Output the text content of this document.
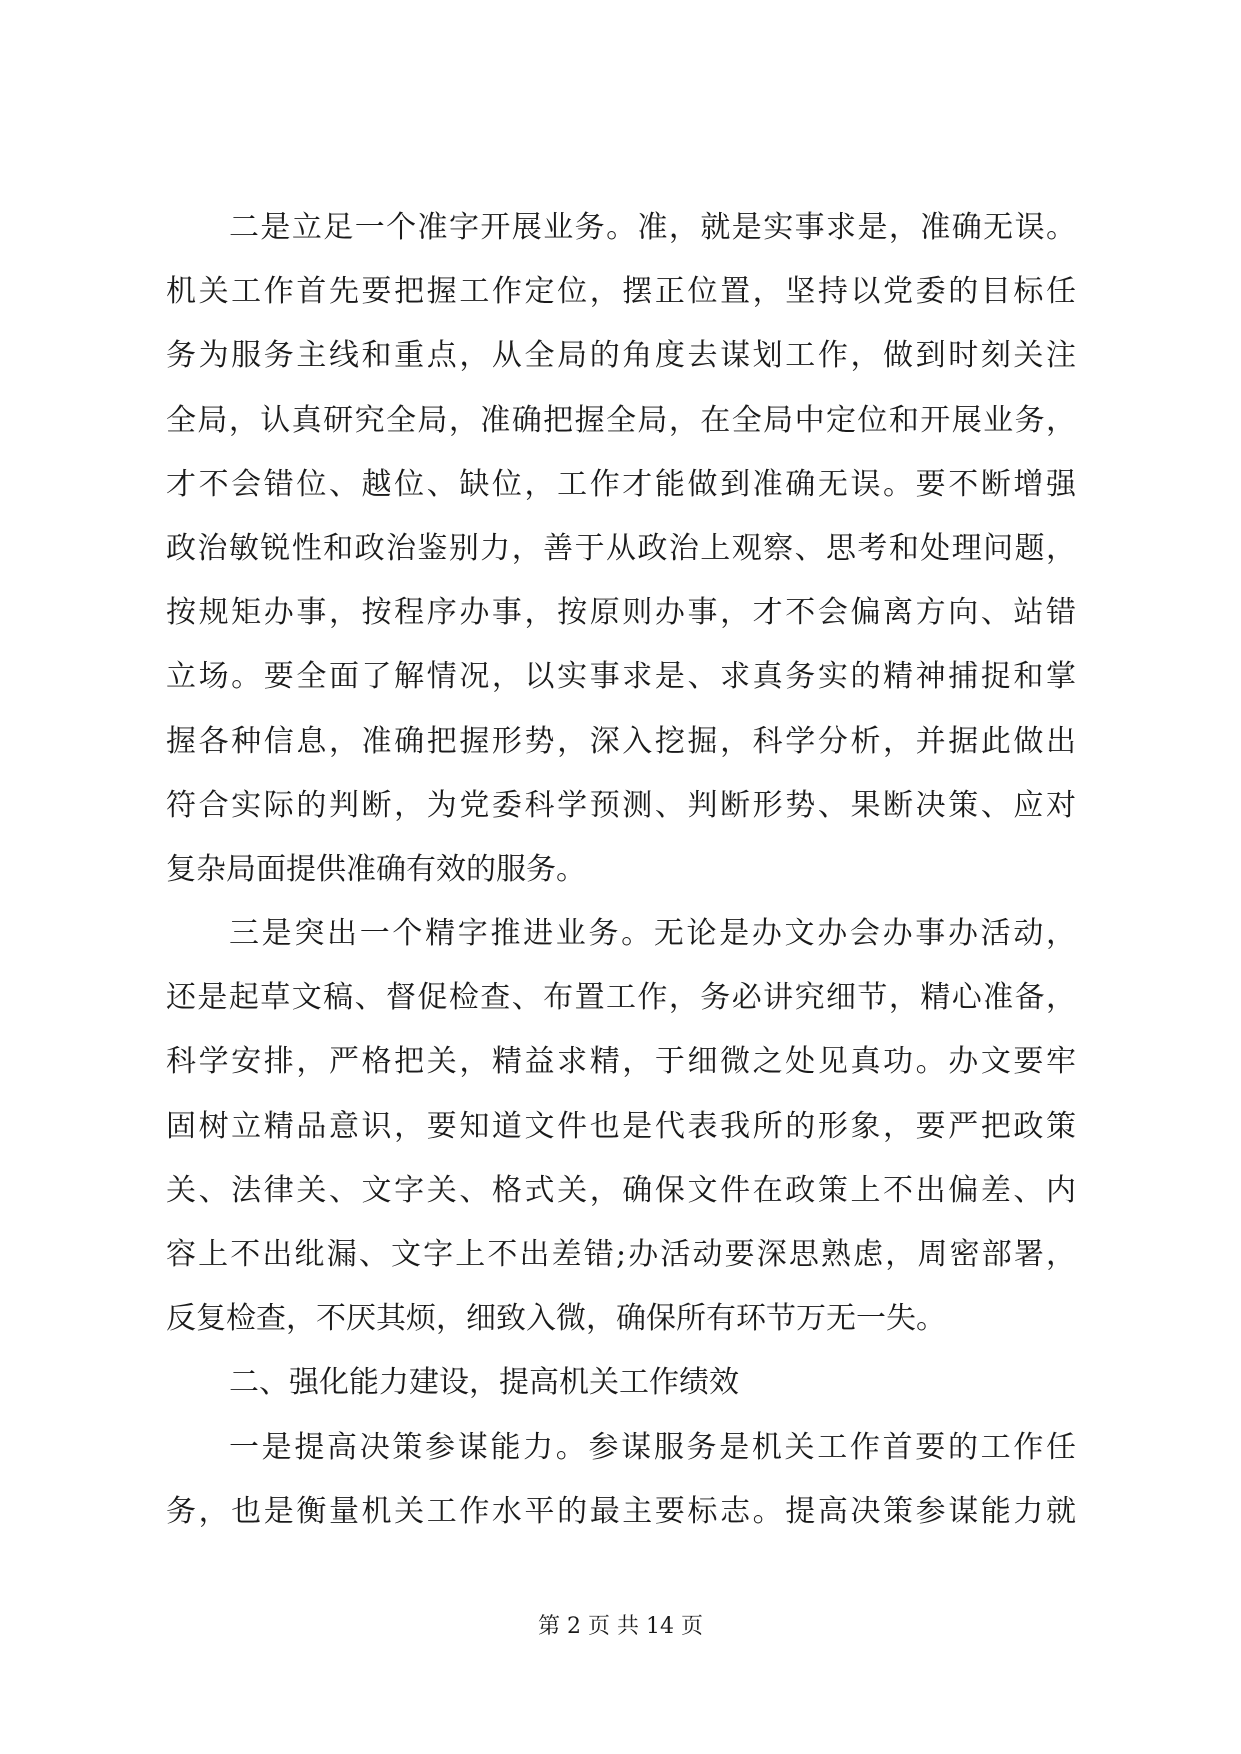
二是立足一个准字开展业务。准，就是实事求是，准确无误。
机关工作首先要把握工作定位，摆正位置，坚持以党委的目标任
务为服务主线和重点，从全局的角度去谋划工作，做到时刻关注
全局，认真研究全局，准确把握全局，在全局中定位和开展业务，
才不会错位、越位、缺位，工作才能做到准确无误。要不断增强
政治敏锐性和政治鉴别力，善于从政治上观察、思考和处理问题，
按规矩办事，按程序办事，按原则办事，才不会偏离方向、站错
立场。要全面了解情况，以实事求是、求真务实的精神捕捉和掌
握各种信息，准确把握形势，深入挖掘，科学分析，并据此做出
符合实际的判断，为党委科学预测、判断形势、果断决策、应对
复杂局面提供准确有效的服务。
三是突出一个精字推进业务。无论是办文办会办事办活动，
还是起草文稿、督促检查、布置工作，务必讲究细节，精心准备，
科学安排，严格把关，精益求精，于细微之处见真功。办文要牢
固树立精品意识，要知道文件也是代表我所的形象，要严把政策
关、法律关、文字关、格式关，确保文件在政策上不出偏差、内
容上不出纰漏、文字上不出差错;办活动要深思熟虑，周密部署，
反复检查，不厌其烦，细致入微，确保所有环节万无一失。
二、强化能力建设，提高机关工作绩效
一是提高决策参谋能力。参谋服务是机关工作首要的工作任
务，也是衡量机关工作水平的最主要标志。提高决策参谋能力就
第 2 页 共 14 页
